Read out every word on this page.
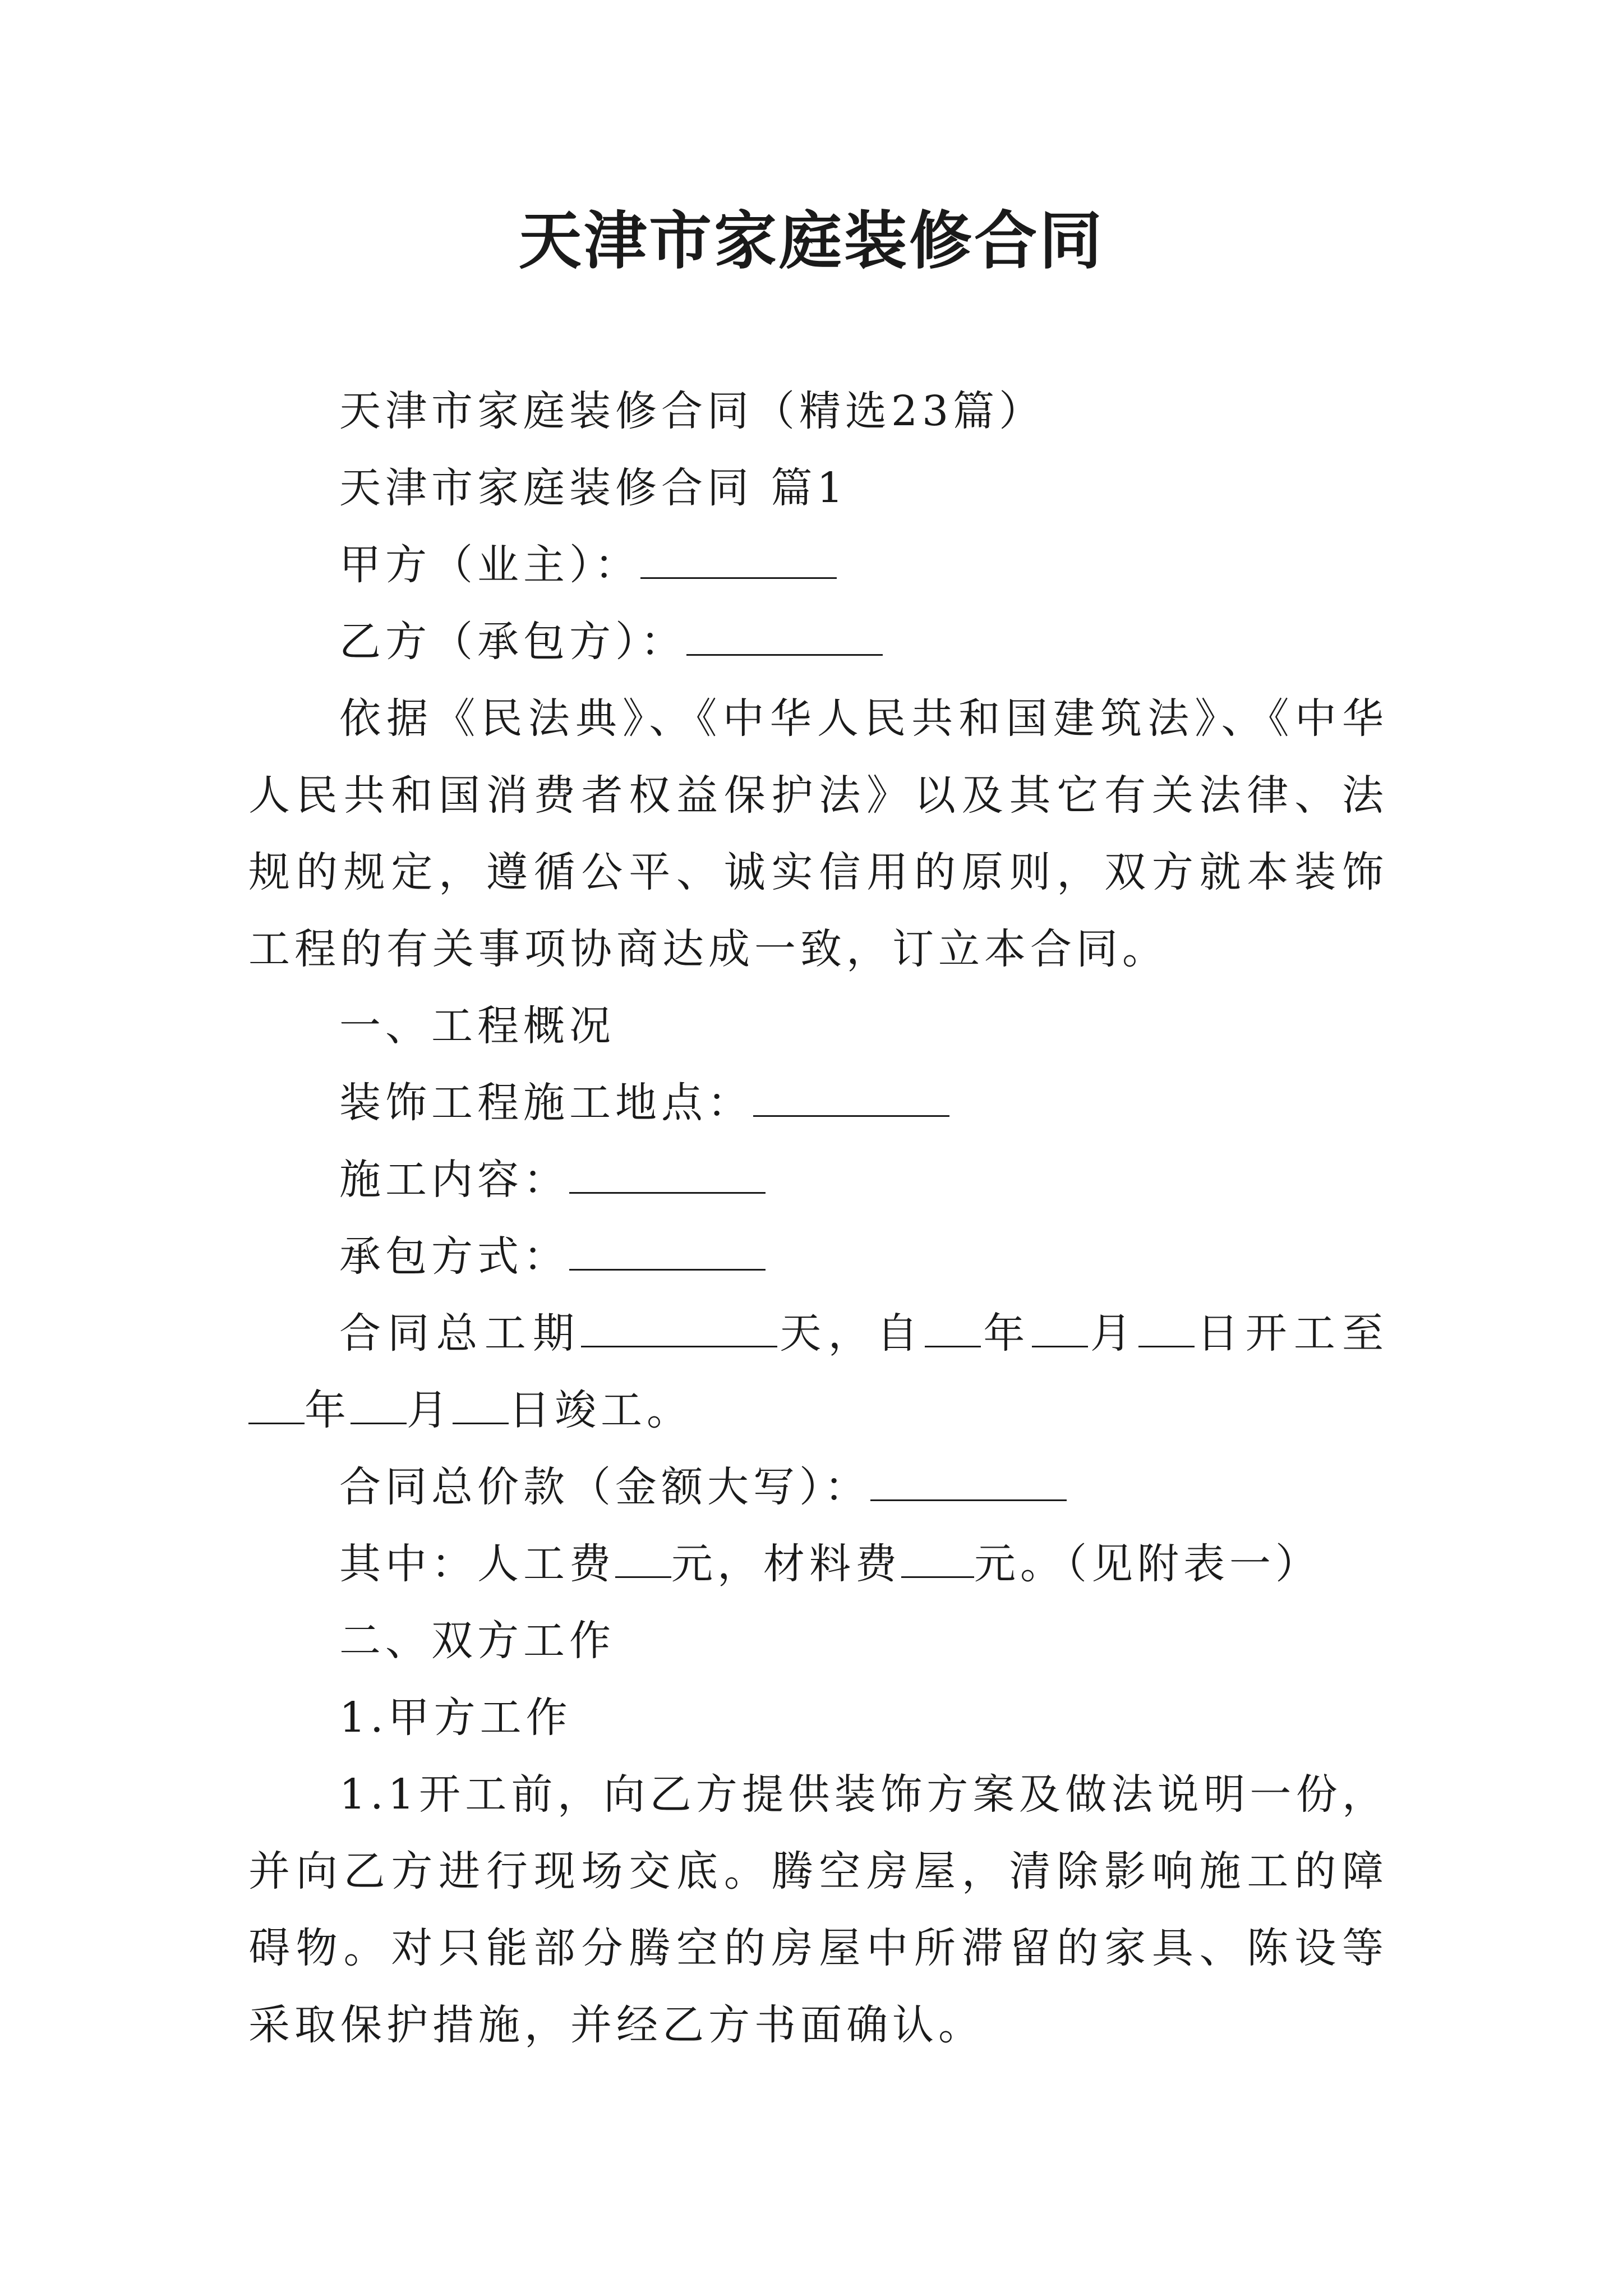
天津市家庭装修合同

天津市家庭装修合同（精选23篇）

天津市家庭装修合同 篇1

甲方（业主）：

乙方（承包方）：

依据《民法典》、《中华人民共和国建筑法》、《中华人民共和国消费者权益保护法》以及其它有关法律、法规的规定，遵循公平、诚实信用的原则，双方就本装饰工程的有关事项协商达成一致，订立本合同。

一、工程概况

装饰工程施工地点：

施工内容：

承包方式：

合同总工期	天，自 年 月 日开工至年 月 日竣工。

合同总价款（金额大写）：

其中：人工费 元，材料费 元。（见附表一）

二、双方工作

1.甲方工作

1.1开工前，向乙方提供装饰方案及做法说明一份，并向乙方进行现场交底。腾空房屋，清除影响施工的障碍物。对只能部分腾空的房屋中所滞留的家具、陈设等采取保护措施，并经乙方书面确认。
